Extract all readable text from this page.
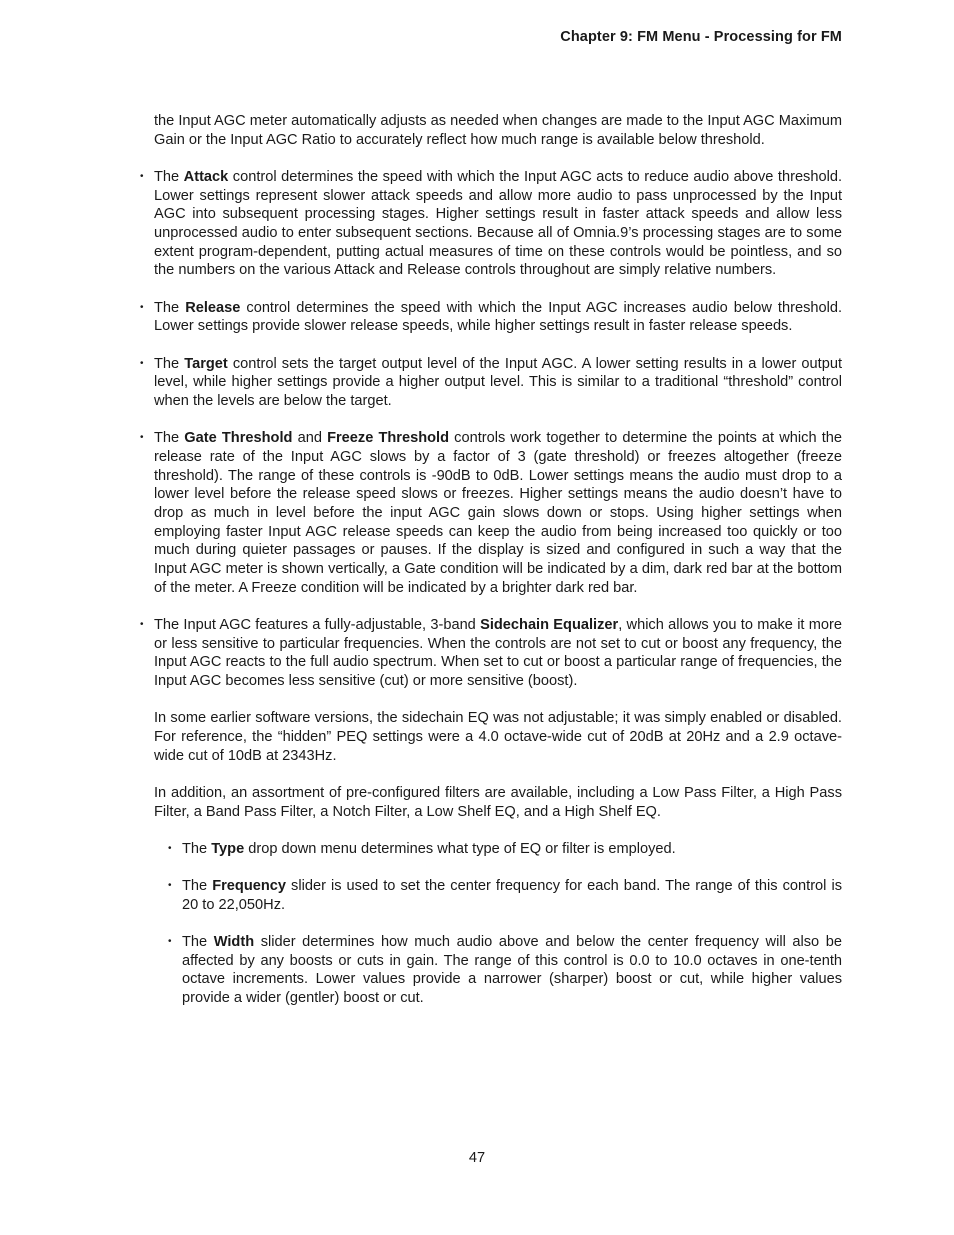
Chapter 9: FM Menu - Processing for FM

the Input AGC meter automatically adjusts as needed when changes are made to the Input AGC Maximum Gain or the Input AGC Ratio to accurately reflect how much range is available below threshold.

• The Attack control determines the speed with which the Input AGC acts to reduce audio above threshold. Lower settings represent slower attack speeds and allow more audio to pass unprocessed by the Input AGC into subsequent processing stages. Higher settings result in faster attack speeds and allow less unprocessed audio to enter subsequent sections. Because all of Omnia.9’s processing stages are to some extent program-dependent, putting actual measures of time on these controls would be pointless, and so the numbers on the various Attack and Release controls throughout are simply relative numbers.

• The Release control determines the speed with which the Input AGC increases audio below threshold. Lower settings provide slower release speeds, while higher settings result in faster release speeds.

• The Target control sets the target output level of the Input AGC. A lower setting results in a lower output level, while higher settings provide a higher output level. This is similar to a traditional “threshold” control when the levels are below the target.

• The Gate Threshold and Freeze Threshold controls work together to determine the points at which the release rate of the Input AGC slows by a factor of 3 (gate threshold) or freezes altogether (freeze threshold). The range of these controls is -90dB to 0dB. Lower settings means the audio must drop to a lower level before the release speed slows or freezes. Higher settings means the audio doesn’t have to drop as much in level before the input AGC gain slows down or stops. Using higher settings when employing faster Input AGC release speeds can keep the audio from being increased too quickly or too much during quieter passages or pauses. If the display is sized and configured in such a way that the Input AGC meter is shown vertically, a Gate condition will be indicated by a dim, dark red bar at the bottom of the meter. A Freeze condition will be indicated by a brighter dark red bar.

• The Input AGC features a fully-adjustable, 3-band Sidechain Equalizer, which allows you to make it more or less sensitive to particular frequencies. When the controls are not set to cut or boost any frequency, the Input AGC reacts to the full audio spectrum. When set to cut or boost a particular range of frequencies, the Input AGC becomes less sensitive (cut) or more sensitive (boost).

In some earlier software versions, the sidechain EQ was not adjustable; it was simply enabled or disabled. For reference, the “hidden” PEQ settings were a 4.0 octave-wide cut of 20dB at 20Hz and a 2.9 octave-wide cut of 10dB at 2343Hz.

In addition, an assortment of pre-configured filters are available, including a Low Pass Filter, a High Pass Filter, a Band Pass Filter, a Notch Filter, a Low Shelf EQ, and a High Shelf EQ.

• The Type drop down menu determines what type of EQ or filter is employed.

• The Frequency slider is used to set the center frequency for each band. The range of this control is 20 to 22,050Hz.

• The Width slider determines how much audio above and below the center frequency will also be affected by any boosts or cuts in gain. The range of this control is 0.0 to 10.0 octaves in one-tenth octave increments. Lower values provide a narrower (sharper) boost or cut, while higher values provide a wider (gentler) boost or cut.

47
